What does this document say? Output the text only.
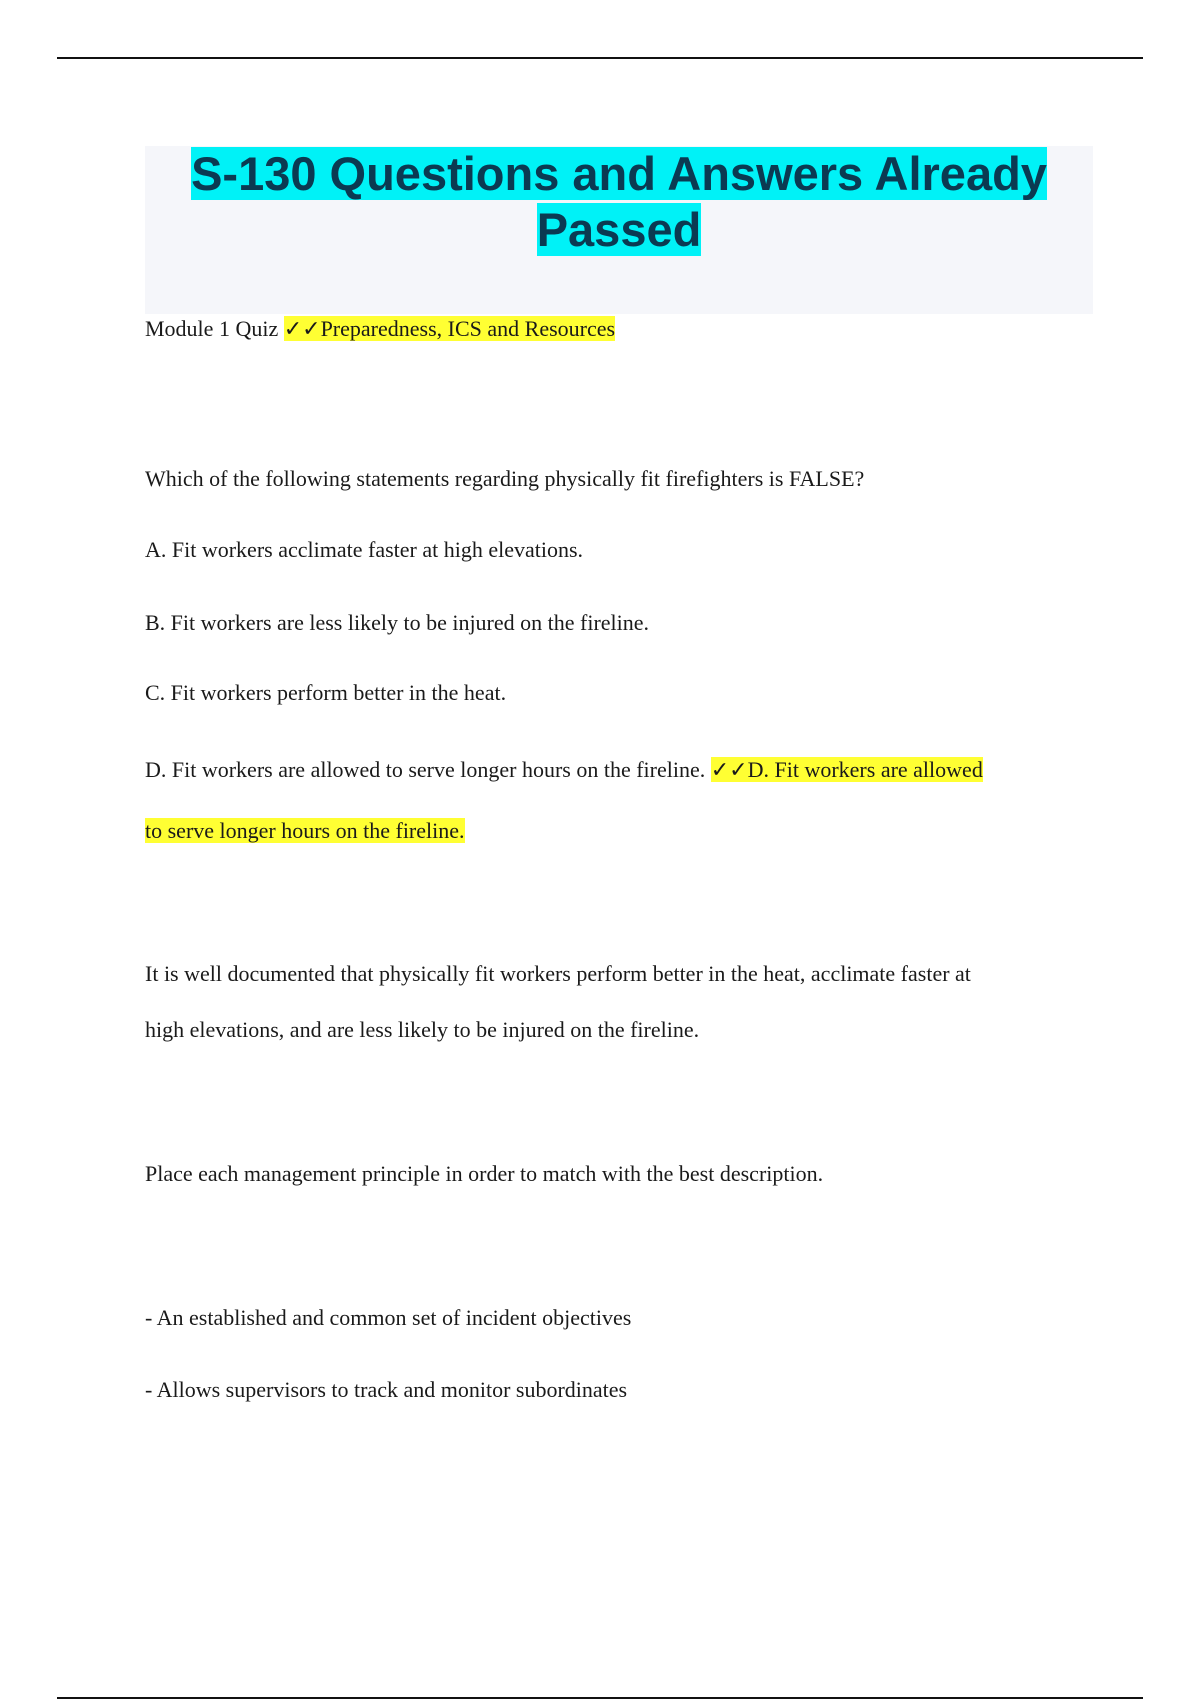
S-130 Questions and Answers Already
Passed

Module 1 Quiz ✓✓Preparedness, ICS and Resources

Which of the following statements regarding physically fit firefighters is FALSE?

A. Fit workers acclimate faster at high elevations.

B. Fit workers are less likely to be injured on the fireline.

C. Fit workers perform better in the heat.

D. Fit workers are allowed to serve longer hours on the fireline. ✓✓D. Fit workers are allowed

to serve longer hours on the fireline.

It is well documented that physically fit workers perform better in the heat, acclimate faster at

high elevations, and are less likely to be injured on the fireline.

Place each management principle in order to match with the best description.

- An established and common set of incident objectives

- Allows supervisors to track and monitor subordinates
